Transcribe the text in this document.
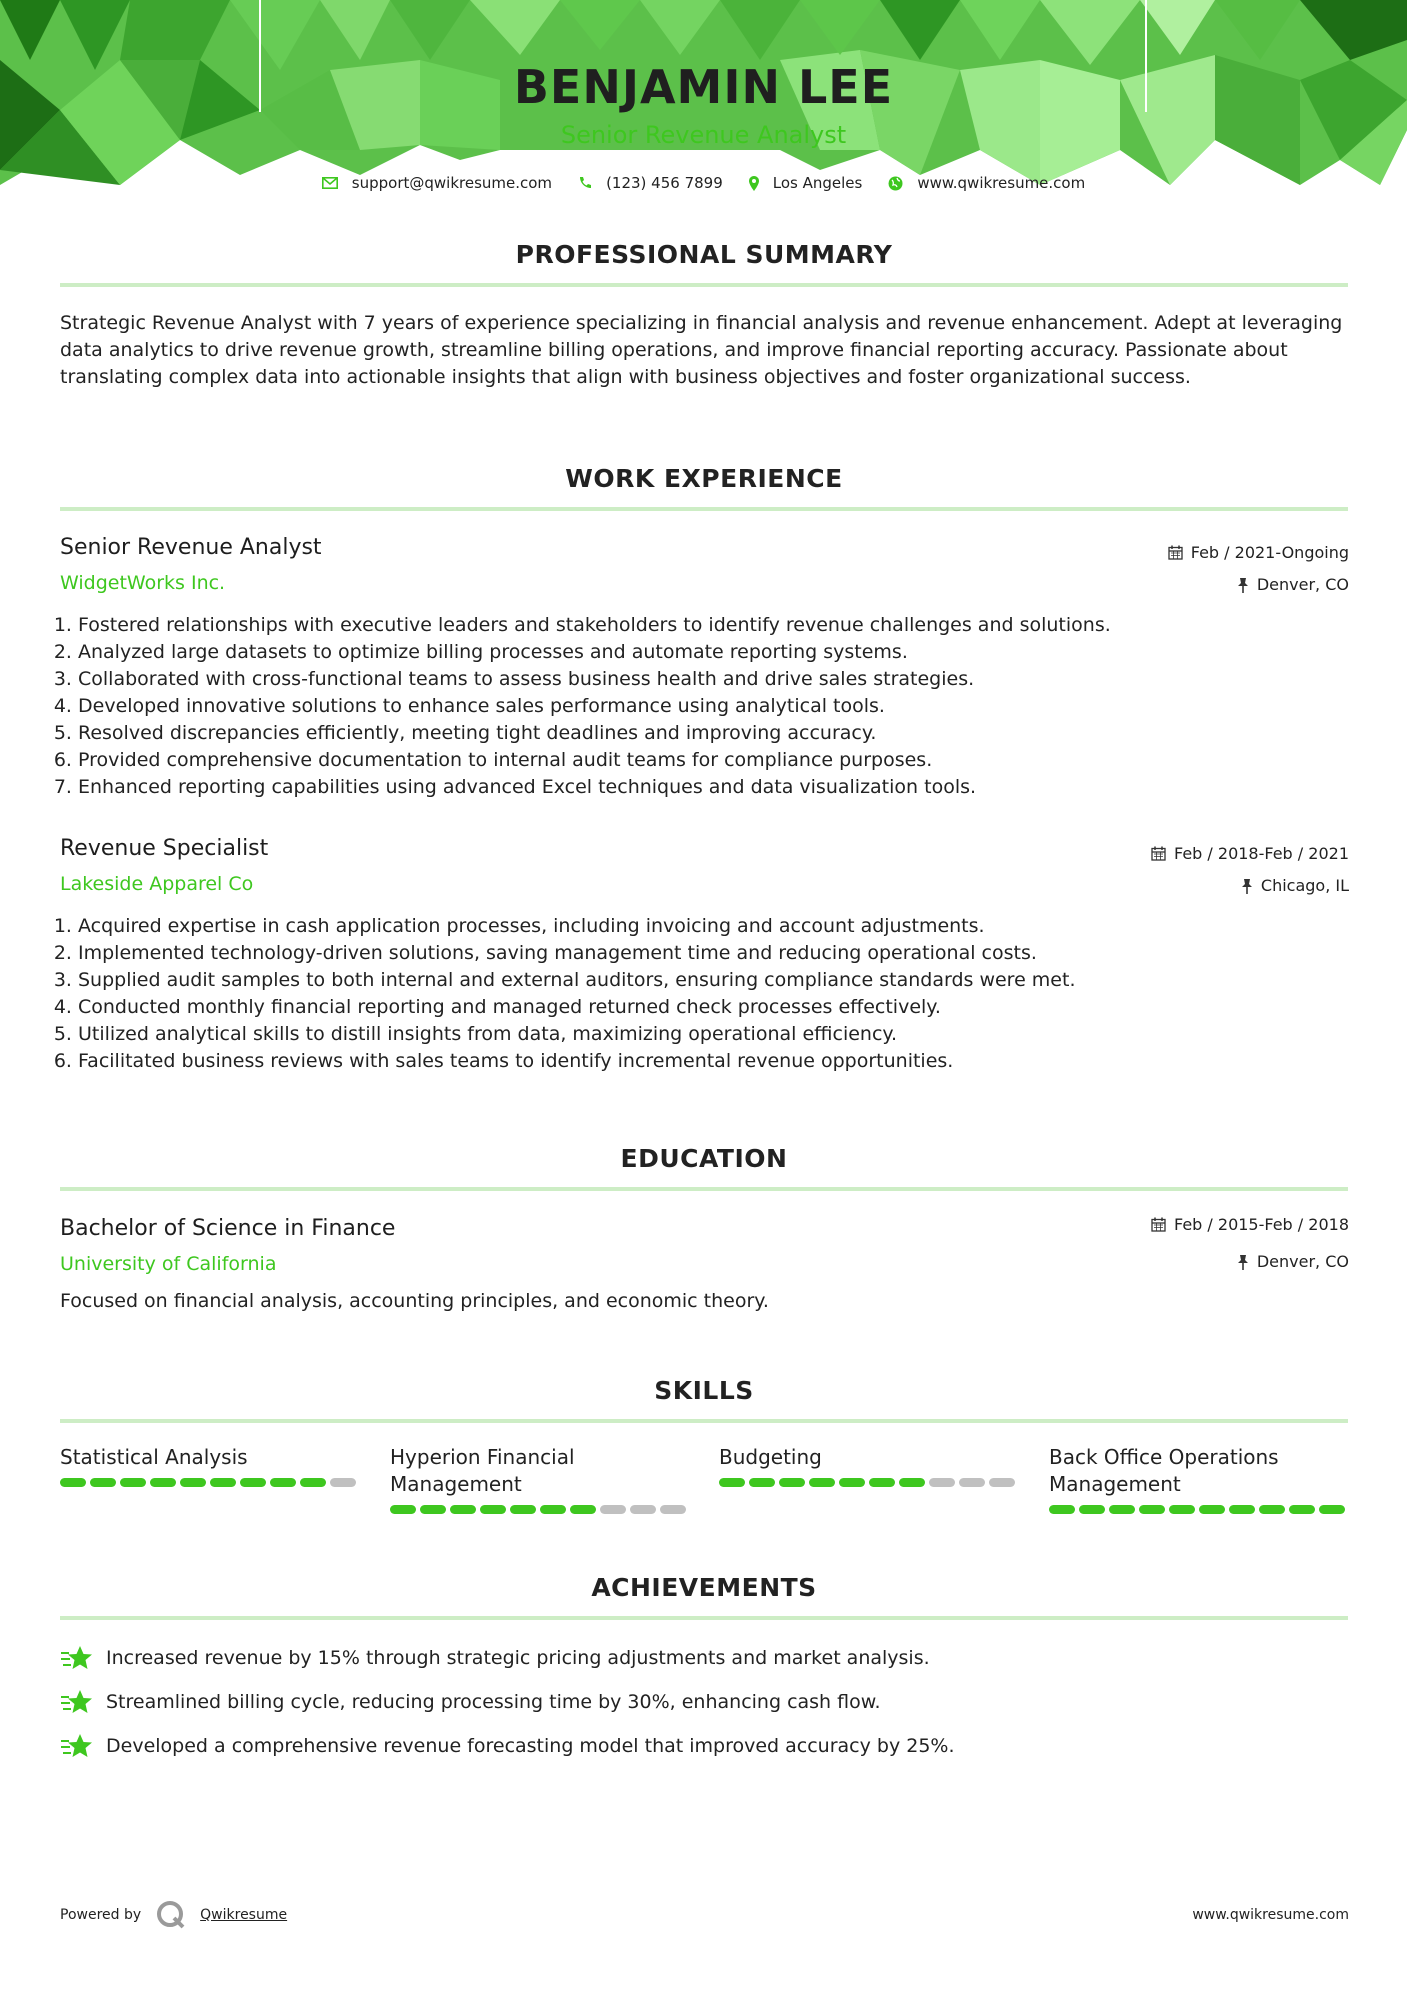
BENJAMIN LEE
Senior Revenue Analyst
support@qwikresume.com	(123) 456 7899	Los Angeles	www.qwikresume.com
PROFESSIONAL SUMMARY
Strategic Revenue Analyst with 7 years of experience specializing in financial analysis and revenue enhancement. Adept at leveraging data analytics to drive revenue growth, streamline billing operations, and improve financial reporting accuracy. Passionate about translating complex data into actionable insights that align with business objectives and foster organizational success.
WORK EXPERIENCE
Senior Revenue Analyst
WidgetWorks Inc.
Feb / 2021-Ongoing
Denver, CO
1. Fostered relationships with executive leaders and stakeholders to identify revenue challenges and solutions.
2. Analyzed large datasets to optimize billing processes and automate reporting systems.
3. Collaborated with cross-functional teams to assess business health and drive sales strategies.
4. Developed innovative solutions to enhance sales performance using analytical tools.
5. Resolved discrepancies efficiently, meeting tight deadlines and improving accuracy.
6. Provided comprehensive documentation to internal audit teams for compliance purposes.
7. Enhanced reporting capabilities using advanced Excel techniques and data visualization tools.
Revenue Specialist
Lakeside Apparel Co
Feb / 2018-Feb / 2021
Chicago, IL
1. Acquired expertise in cash application processes, including invoicing and account adjustments.
2. Implemented technology-driven solutions, saving management time and reducing operational costs.
3. Supplied audit samples to both internal and external auditors, ensuring compliance standards were met.
4. Conducted monthly financial reporting and managed returned check processes effectively.
5. Utilized analytical skills to distill insights from data, maximizing operational efficiency.
6. Facilitated business reviews with sales teams to identify incremental revenue opportunities.
EDUCATION
Bachelor of Science in Finance
University of California
Feb / 2015-Feb / 2018
Denver, CO
Focused on financial analysis, accounting principles, and economic theory.
SKILLS
Statistical Analysis	Hyperion Financial Management
Budgeting	Back Office Operations Management
ACHIEVEMENTS
Increased revenue by 15% through strategic pricing adjustments and market analysis.
Streamlined billing cycle, reducing processing time by 30%, enhancing cash flow.
Developed a comprehensive revenue forecasting model that improved accuracy by 25%.
Powered by	Qwikresume	www.qwikresume.com
